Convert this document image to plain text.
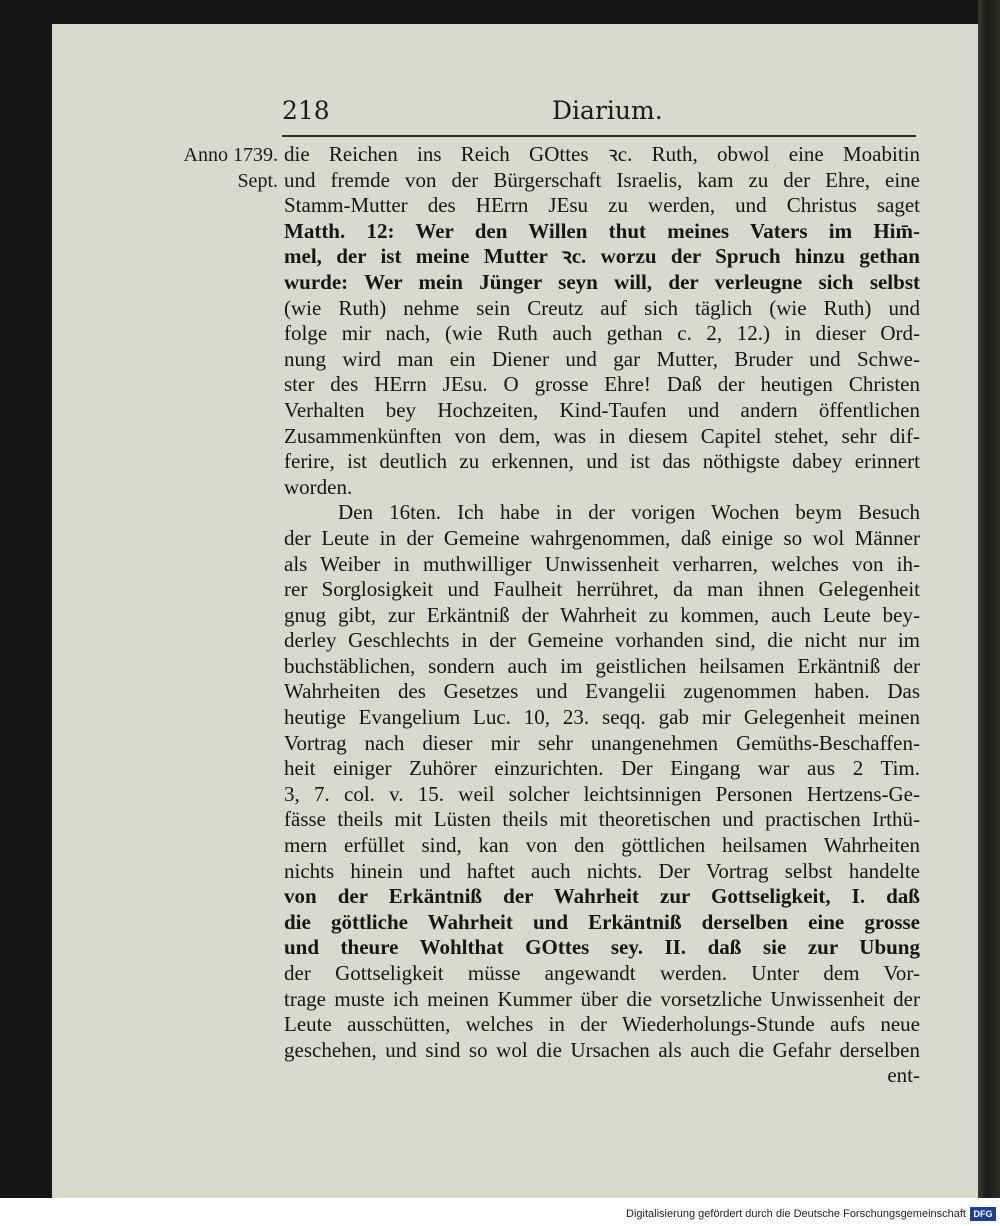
218	Diarium.
Anno 1739.
Sept.
die Reichen ins Reich GOttes ꝛc. Ruth, obwol eine Moabitin
und fremde von der Bürgerschaft Israelis, kam zu der Ehre, eine
Stamm-Mutter des HErrn JEsu zu werden, und Christus saget
Matth. 12: Wer den Willen thut meines Vaters im Him̄-
mel, der ist meine Mutter ꝛc. worzu der Spruch hinzu gethan
wurde: Wer mein Jünger seyn will, der verleugne sich selbst
(wie Ruth) nehme sein Creutz auf sich täglich (wie Ruth) und
folge mir nach, (wie Ruth auch gethan c. 2, 12.) in dieser Ord-
nung wird man ein Diener und gar Mutter, Bruder und Schwe-
ster des HErrn JEsu. O grosse Ehre! Daß der heutigen Christen
Verhalten bey Hochzeiten, Kind-Taufen und andern öffentlichen
Zusammenkünften von dem, was in diesem Capitel stehet, sehr dif-
ferire, ist deutlich zu erkennen, und ist das nöthigste dabey erinnert
worden.
Den 16ten. Ich habe in der vorigen Wochen beym Besuch
der Leute in der Gemeine wahrgenommen, daß einige so wol Männer
als Weiber in muthwilliger Unwissenheit verharren, welches von ih-
rer Sorglosigkeit und Faulheit herrühret, da man ihnen Gelegenheit
gnug gibt, zur Erkäntniß der Wahrheit zu kommen, auch Leute bey-
derley Geschlechts in der Gemeine vorhanden sind, die nicht nur im
buchstäblichen, sondern auch im geistlichen heilsamen Erkäntniß der
Wahrheiten des Gesetzes und Evangelii zugenommen haben. Das
heutige Evangelium Luc. 10, 23. seqq. gab mir Gelegenheit meinen
Vortrag nach dieser mir sehr unangenehmen Gemüths-Beschaffen-
heit einiger Zuhörer einzurichten. Der Eingang war aus 2 Tim.
3, 7. col. v. 15. weil solcher leichtsinnigen Personen Hertzens-Ge-
fässe theils mit Lüsten theils mit theoretischen und practischen Irthü-
mern erfüllet sind, kan von den göttlichen heilsamen Wahrheiten
nichts hinein und haftet auch nichts. Der Vortrag selbst handelte
von der Erkäntniß der Wahrheit zur Gottseligkeit, I. daß
die göttliche Wahrheit und Erkäntniß derselben eine grosse
und theure Wohlthat GOttes sey. II. daß sie zur Ubung
der Gottseligkeit müsse angewandt werden. Unter dem Vor-
trage muste ich meinen Kummer über die vorsetzliche Unwissenheit der
Leute ausschütten, welches in der Wiederholungs-Stunde aufs neue
geschehen, und sind so wol die Ursachen als auch die Gefahr derselben
ent-
Digitalisierung gefördert durch die Deutsche Forschungsgemeinschaft DFG
